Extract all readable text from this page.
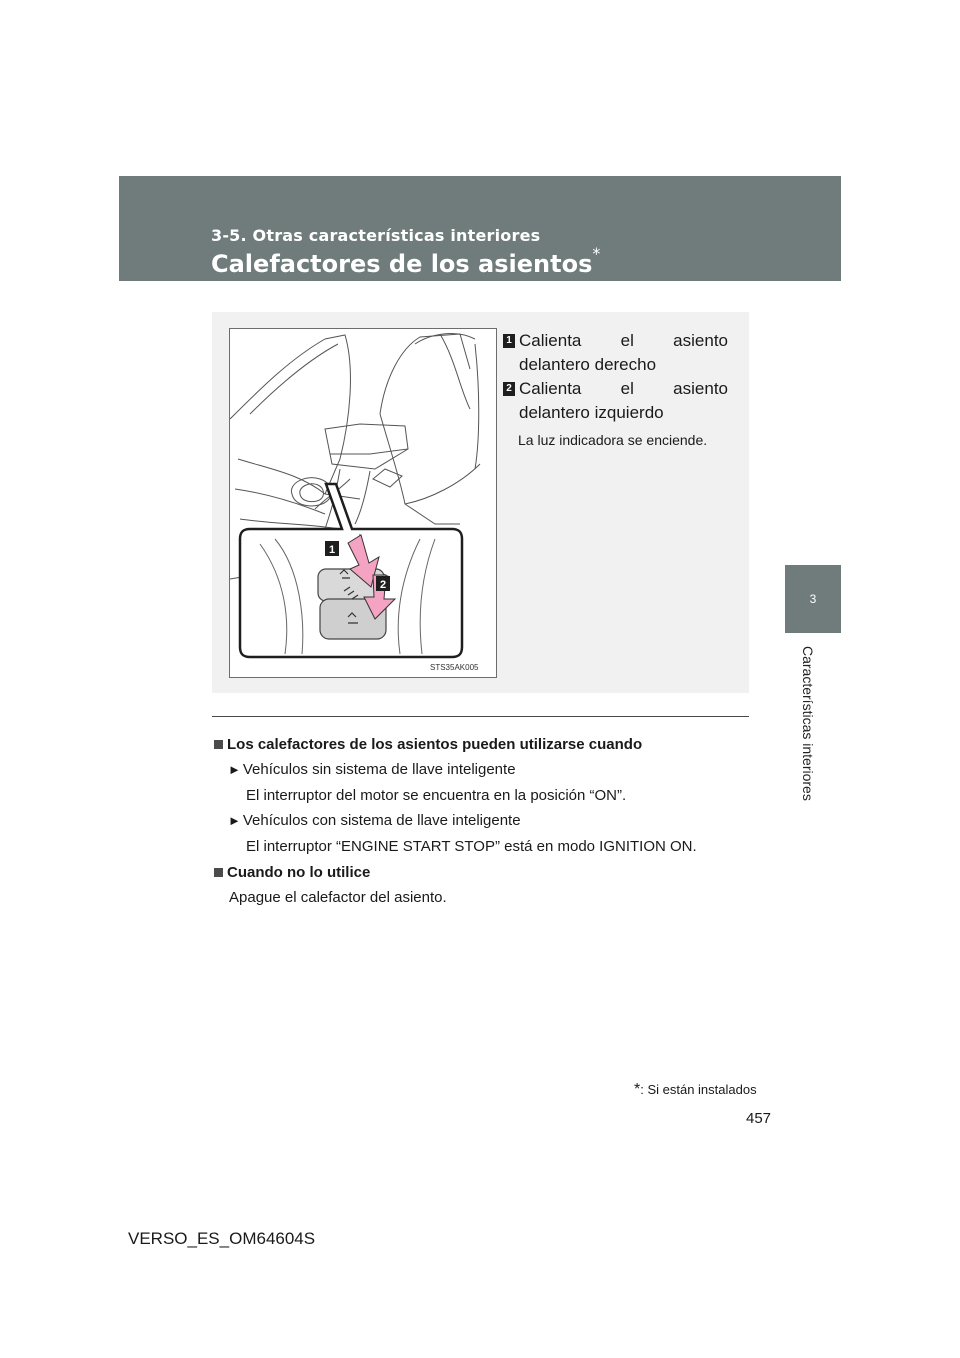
3-5. Otras características interiores
Calefactores de los asientos*
3
Características interiores
1
2
STS35AK005
1 Calienta el asiento delantero derecho
2 Calienta el asiento delantero izquierdo
La luz indicadora se enciende.
Los calefactores de los asientos pueden utilizarse cuando
► Vehículos sin sistema de llave inteligente
El interruptor del motor se encuentra en la posición “ON”.
► Vehículos con sistema de llave inteligente
El interruptor “ENGINE START STOP” está en modo IGNITION ON.
Cuando no lo utilice
Apague el calefactor del asiento.
*: Si están instalados
457
VERSO_ES_OM64604S
